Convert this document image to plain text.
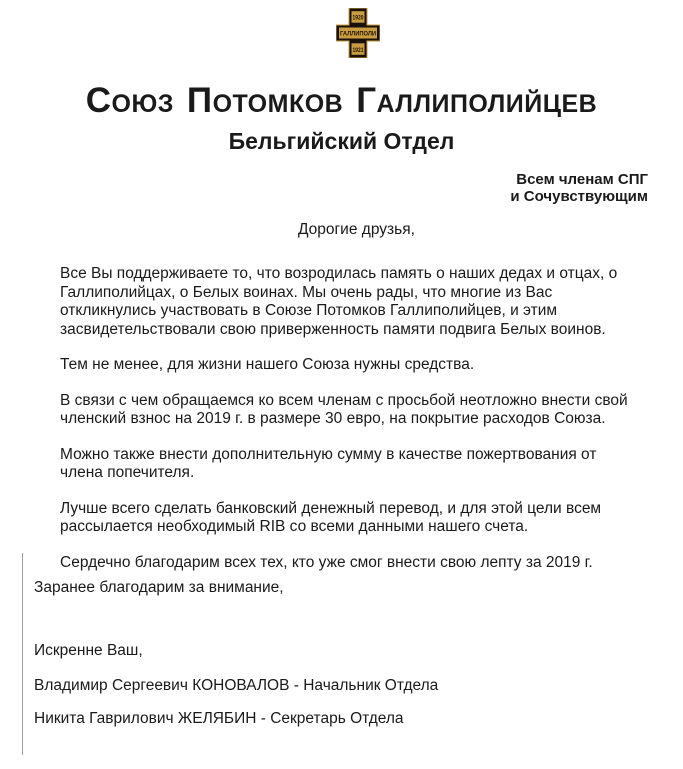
1920
ГАЛЛИПОЛИ
1921
СОЮЗ ПОТОМКОВ ГАЛЛИПОЛИЙЦЕВ
Бельгийский Отдел
Всем членам СПГ
и Сочувствующим
Дорогие друзья,

Все Вы поддерживаете то, что возродилась память о наших дедах и отцах, о Галлиполийцах, о Белых воинах. Мы очень рады, что многие из Вас откликнулись участвовать в Союзе Потомков Галлиполийцев, и этим засвидетельствовали свою приверженность памяти подвига Белых воинов.

Тем не менее, для жизни нашего Союза нужны средства.

В связи с чем обращаемся ко всем членам с просьбой неотложно внести свой членский взнос на 2019 г. в размере 30 евро, на покрытие расходов Союза.

Можно также внести дополнительную сумму в качестве пожертвования от члена попечителя.

Лучше всего сделать банковский денежный перевод, и для этой цели всем рассылается необходимый RIB со всеми данными нашего счета.

Сердечно благодарим всех тех, кто уже смог внести свою лепту за 2019 г.

Заранее благодарим за внимание,
Искренне Ваш,
Владимир Сергеевич КОНОВАЛОВ - Начальник Отдела
Никита Гаврилович ЖЕЛЯБИН - Секретарь Отдела
